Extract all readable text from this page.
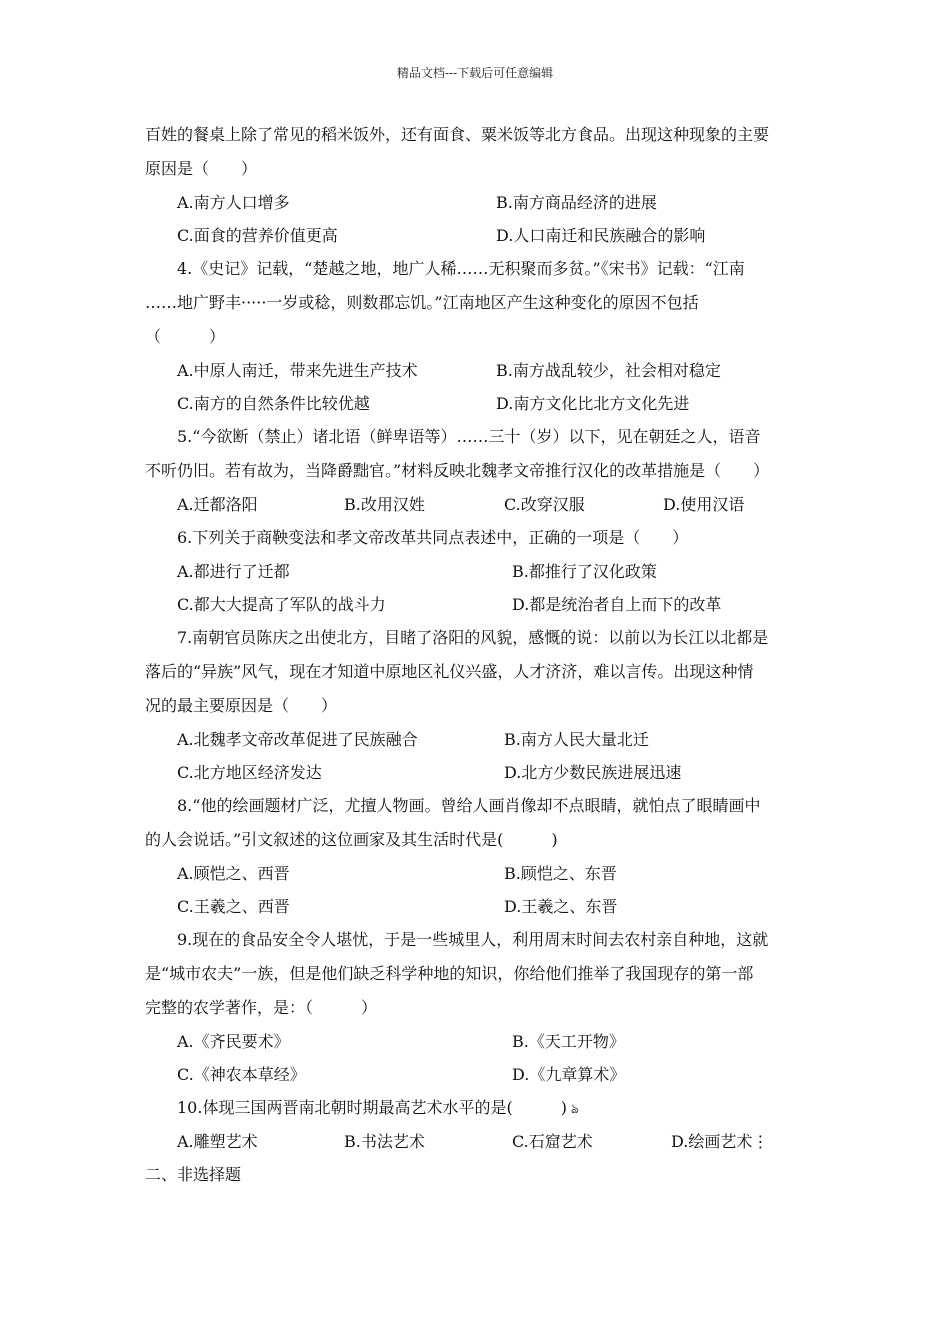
精品文档---下载后可任意编辑
百姓的餐桌上除了常见的稻米饭外，还有面食、粟米饭等北方食品。出现这种现象的主要
原因是（　　）
A.南方人口增多	B.南方商品经济的进展
C.面食的营养价值更高	D.人口南迁和民族融合的影响
4.《史记》记载，“楚越之地，地广人稀……无积聚而多贫。”《宋书》记载：“江南
……地广野丰·····一岁或稔，则数郡忘饥。”江南地区产生这种变化的原因不包括
（　　　）
A.中原人南迁，带来先进生产技术	B.南方战乱较少，社会相对稳定
C.南方的自然条件比较优越	D.南方文化比北方文化先进
5.“今欲断（禁止）诸北语（鲜卑语等）……三十（岁）以下，见在朝廷之人，语音
不听仍旧。若有故为，当降爵黜官。”材料反映北魏孝文帝推行汉化的改革措施是（　　）
A.迁都洛阳	B.改用汉姓	C.改穿汉服	D.使用汉语
6.下列关于商鞅变法和孝文帝改革共同点表述中，正确的一项是（　　）
A.都进行了迁都	B.都推行了汉化政策
C.都大大提高了军队的战斗力	D.都是统治者自上而下的改革
7.南朝官员陈庆之出使北方，目睹了洛阳的风貌，感慨的说：以前以为长江以北都是
落后的“异族”风气，现在才知道中原地区礼仪兴盛，人才济济，难以言传。出现这种情
况的最主要原因是（　　）
A.北魏孝文帝改革促进了民族融合	B.南方人民大量北迁
C.北方地区经济发达	D.北方少数民族进展迅速
8.“他的绘画题材广泛，尤擅人物画。曾给人画肖像却不点眼睛，就怕点了眼睛画中
的人会说话。”引文叙述的这位画家及其生活时代是(　　　)
A.顾恺之、西晋	B.顾恺之、东晋
C.王羲之、西晋	D.王羲之、东晋
9.现在的食品安全令人堪忧，于是一些城里人，利用周末时间去农村亲自种地，这就
是“城市农夫”一族，但是他们缺乏科学种地的知识，你给他们推举了我国现存的第一部
完整的农学著作，是：（　　　）
A.《齐民要术》	B.《天工开物》
C.《神农本草经》	D.《九章算术》
10.体现三国两晋南北朝时期最高艺术水平的是(　　　) ঌ
A.雕塑艺术	B.书法艺术	C.石窟艺术	D.绘画艺术⋮
二、非选择题
